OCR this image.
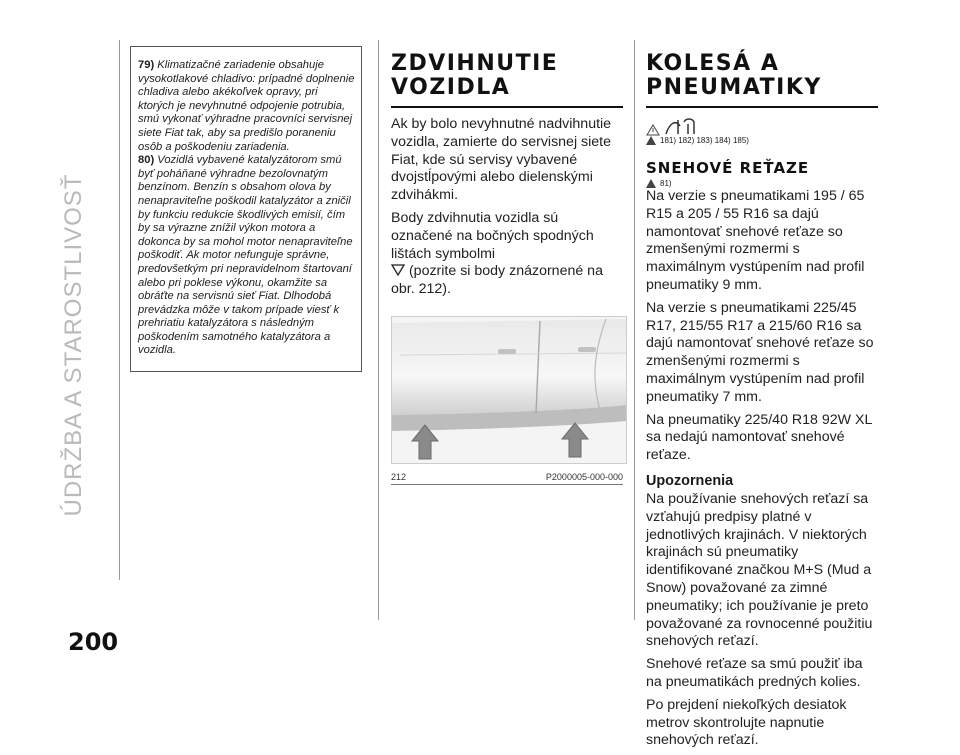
ÚDRŽBA A STAROSTLIVOSŤ
200

79) Klimatizačné zariadenie obsahuje vysokotlakové chladivo: prípadné doplnenie chladiva alebo akékoľvek opravy, pri ktorých je nevyhnutné odpojenie potrubia, smú vykonať výhradne pracovníci servisnej siete Fiat tak, aby sa predišlo poraneniu osôb a poškodeniu zariadenia.

80) Vozidlá vybavené katalyzátorom smú byť poháňané výhradne bezolovnatým benzínom. Benzín s obsahom olova by nenapraviteľne poškodil katalyzátor a zničil by funkciu redukcie škodlivých emisií, čím by sa výrazne znížil výkon motora a dokonca by sa mohol motor nenapraviteľne poškodiť. Ak motor nefunguje správne, predovšetkým pri nepravidelnom štartovaní alebo pri poklese výkonu, okamžite sa obráťte na servisnú sieť Fiat. Dlhodobá prevádzka môže v takom prípade viesť k prehriatiu katalyzátora s následným poškodením samotného katalyzátora a vozidla.

ZDVIHNUTIE
VOZIDLA

Ak by bolo nevyhnutné nadvihnutie vozidla, zamierte do servisnej siete Fiat, kde sú servisy vybavené dvojstĺpovými alebo dielenskými zdvihákmi.

Body zdvihnutia vozidla sú označené na bočných spodných lištách symbolmi
(pozrite si body znázornené na obr. 212).

212	P2000005-000-000
KOLESÁ A
PNEUMATIKY
181) 182) 183) 184) 185)
SNEHOVÉ REŤAZE
81)

Na verzie s pneumatikami 195 / 65 R15 a 205 / 55 R16 sa dajú namontovať snehové reťaze so zmenšenými rozmermi s maximálnym vystúpením nad profil pneumatiky 9 mm.

Na verzie s pneumatikami 225/45 R17, 215/55 R17 a 215/60 R16 sa dajú namontovať snehové reťaze so zmenšenými rozmermi s maximálnym vystúpením nad profil pneumatiky 7 mm.

Na pneumatiky 225/40 R18 92W XL sa nedajú namontovať snehové reťaze.

Upozornenia

Na používanie snehových reťazí sa vzťahujú predpisy platné v jednotlivých krajinách. V niektorých krajinách sú pneumatiky identifikované značkou M+S (Mud a Snow) považované za zimné pneumatiky; ich používanie je preto považované za rovnocenné použitiu snehových reťazí.

Snehové reťaze sa smú použiť iba na pneumatikách predných kolies.

Po prejdení niekoľkých desiatok metrov skontrolujte napnutie snehových reťazí.
